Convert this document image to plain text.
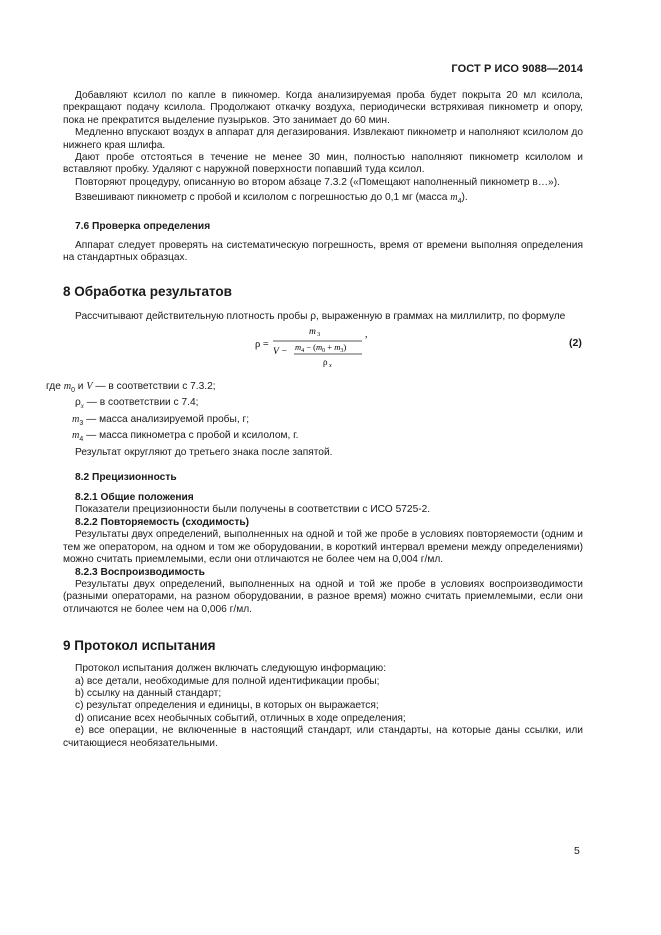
ГОСТ Р ИСО 9088—2014

Добавляют ксилол по капле в пикномер. Когда анализируемая проба будет покрыта 20 мл ксилола, прекращают подачу ксилола. Продолжают откачку воздуха, периодически встряхивая пикнометр и опору, пока не прекратится выделение пузырьков. Это занимает до 60 мин.

Медленно впускают воздух в аппарат для дегазирования. Извлекают пикнометр и наполняют ксилолом до нижнего края шлифа.

Дают пробе отстояться в течение не менее 30 мин, полностью наполняют пикнометр ксилолом и вставляют пробку. Удаляют с наружной поверхности попавший туда ксилол.

Повторяют процедуру, описанную во втором абзаце 7.3.2 («Помещают наполненный пикнометр в…»).

Взвешивают пикнометр с пробой и ксилолом с погрешностью до 0,1 мг (масса $m_4$).

7.6 Проверка определения

Аппарат следует проверять на систематическую погрешность, время от времени выполняя определения на стандартных образцах.

8 Обработка результатов

Рассчитывают действительную плотность пробы ρ, выраженную в граммах на миллилитр, по формуле

ρ =
m 3
$V - m_4 - (m_0 + m_3)$
ρ x
,
(2)
где $m_0$ и V — в соответствии с 7.3.2;
$\rho_x$ — в соответствии с 7.4;
$m_3$ — масса анализируемой пробы, г;
$m_4$ — масса пикнометра с пробой и ксилолом, г.

Результат округляют до третьего знака после запятой.

8.2 Прецизионность
8.2.1 Общие положения

Показатели прецизионности были получены в соответствии с ИСО 5725-2.

8.2.2 Повторяемость (сходимость)

Результаты двух определений, выполненных на одной и той же пробе в условиях повторяемости (одним и тем же оператором, на одном и том же оборудовании, в короткий интервал времени между определениями) можно считать приемлемыми, если они отличаются не более чем на 0,004 г/мл.

8.2.3 Воспроизводимость

Результаты двух определений, выполненных на одной и той же пробе в условиях воспроизводимости (разными операторами, на разном оборудовании, в разное время) можно считать приемлемыми, если они отличаются не более чем на 0,006 г/мл.

9 Протокол испытания

Протокол испытания должен включать следующую информацию:

a) все детали, необходимые для полной идентификации пробы;

b) ссылку на данный стандарт;

c) результат определения и единицы, в которых он выражается;

d) описание всех необычных событий, отличных в ходе определения;

e) все операции, не включенные в настоящий стандарт, или стандарты, на которые даны ссылки, или считающиеся необязательными.

5
